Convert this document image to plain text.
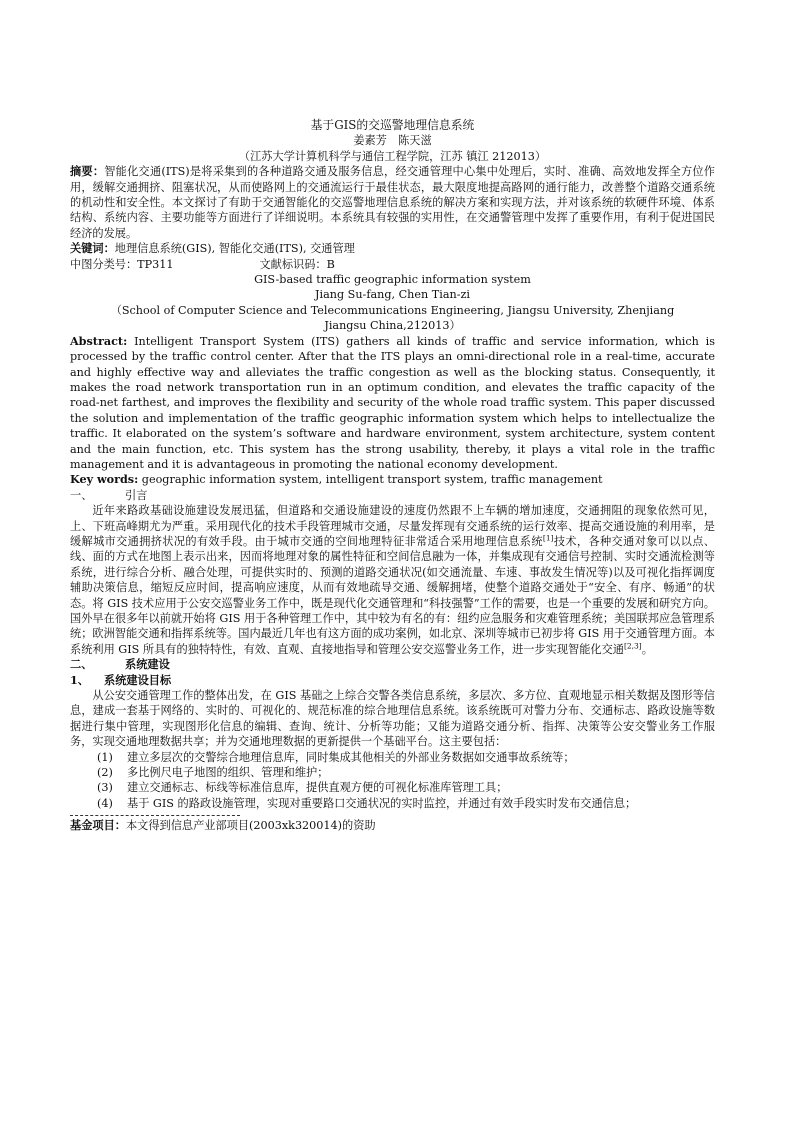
基于GIS的交巡警地理信息系统
姜素芳　陈天滋
（江苏大学计算机科学与通信工程学院，江苏 镇江 212013）
摘要：智能化交通(ITS)是将采集到的各种道路交通及服务信息，经交通管理中心集中处理后，实时、准确、高效地发挥全方位作用，缓解交通拥挤、阻塞状况，从而使路网上的交通流运行于最佳状态，最大限度地提高路网的通行能力，改善整个道路交通系统的机动性和安全性。本文探讨了有助于交通智能化的交巡警地理信息系统的解决方案和实现方法，并对该系统的软硬件环境、体系结构、系统内容、主要功能等方面进行了详细说明。本系统具有较强的实用性，在交通警管理中发挥了重要作用，有利于促进国民经济的发展。
关键词：地理信息系统(GIS), 智能化交通(ITS), 交通管理
中图分类号：TP311	文献标识码：B
GIS-based traffic geographic information system
Jiang Su-fang, Chen Tian-zi
（School of Computer Science and Telecommunications Engineering, Jiangsu University, Zhenjiang Jiangsu China,212013）
Abstract: Intelligent Transport System (ITS) gathers all kinds of traffic and service information, which is processed by the traffic control center. After that the ITS plays an omni-directional role in a real-time, accurate and highly effective way and alleviates the traffic congestion as well as the blocking status. Consequently, it makes the road network transportation run in an optimum condition, and elevates the traffic capacity of the road-net farthest, and improves the flexibility and security of the whole road traffic system. This paper discussed the solution and implementation of the traffic geographic information system which helps to intellectualize the traffic. It elaborated on the system’s software and hardware environment, system architecture, system content and the main function, etc. This system has the strong usability, thereby, it plays a vital role in the traffic management and it is advantageous in promoting the national economy development.
Key words: geographic information system, intelligent transport system, traffic management
一、	引言
近年来路政基础设施建设发展迅猛，但道路和交通设施建设的速度仍然跟不上车辆的增加速度，交通拥阻的现象依然可见，上、下班高峰期尤为严重。采用现代化的技术手段管理城市交通，尽量发挥现有交通系统的运行效率、提高交通设施的利用率，是缓解城市交通拥挤状况的有效手段。由于城市交通的空间地理特征非常适合采用地理信息系统[1]技术，各种交通对象可以以点、线、面的方式在地图上表示出来，因而将地理对象的属性特征和空间信息融为一体，并集成现有交通信号控制、实时交通流检测等系统，进行综合分析、融合处理，可提供实时的、预测的道路交通状况(如交通流量、车速、事故发生情况等)以及可视化指挥调度辅助决策信息，缩短反应时间，提高响应速度，从而有效地疏导交通、缓解拥堵，使整个道路交通处于“安全、有序、畅通”的状态。将 GIS 技术应用于公安交巡警业务工作中，既是现代化交通管理和“科技强警”工作的需要，也是一个重要的发展和研究方向。国外早在很多年以前就开始将 GIS 用于各种管理工作中，其中较为有名的有：纽约应急服务和灾难管理系统；美国联邦应急管理系统；欧洲智能交通和指挥系统等。国内最近几年也有这方面的成功案例，如北京、深圳等城市已初步将 GIS 用于交通管理方面。本系统利用 GIS 所具有的独特特性，有效、直观、直接地指导和管理公安交巡警业务工作，进一步实现智能化交通[2,3]。
二、	系统建设
1、	系统建设目标
从公安交通管理工作的整体出发，在 GIS 基础之上综合交警各类信息系统，多层次、多方位、直观地显示相关数据及图形等信息，建成一套基于网络的、实时的、可视化的、规范标准的综合地理信息系统。该系统既可对警力分布、交通标志、路政设施等数据进行集中管理，实现图形化信息的编辑、查询、统计、分析等功能；又能为道路交通分析、指挥、决策等公安交警业务工作服务，实现交通地理数据共享；并为交通地理数据的更新提供一个基础平台。这主要包括：
(1)	建立多层次的交警综合地理信息库，同时集成其他相关的外部业务数据如交通事故系统等；
(2)	多比例尺电子地图的组织、管理和维护；
(3)	建立交通标志、标线等标准信息库，提供直观方便的可视化标准库管理工具；
(4)	基于 GIS 的路政设施管理，实现对重要路口交通状况的实时监控，并通过有效手段实时发布交通信息；
基金项目：本文得到信息产业部项目(2003xk320014)的资助
